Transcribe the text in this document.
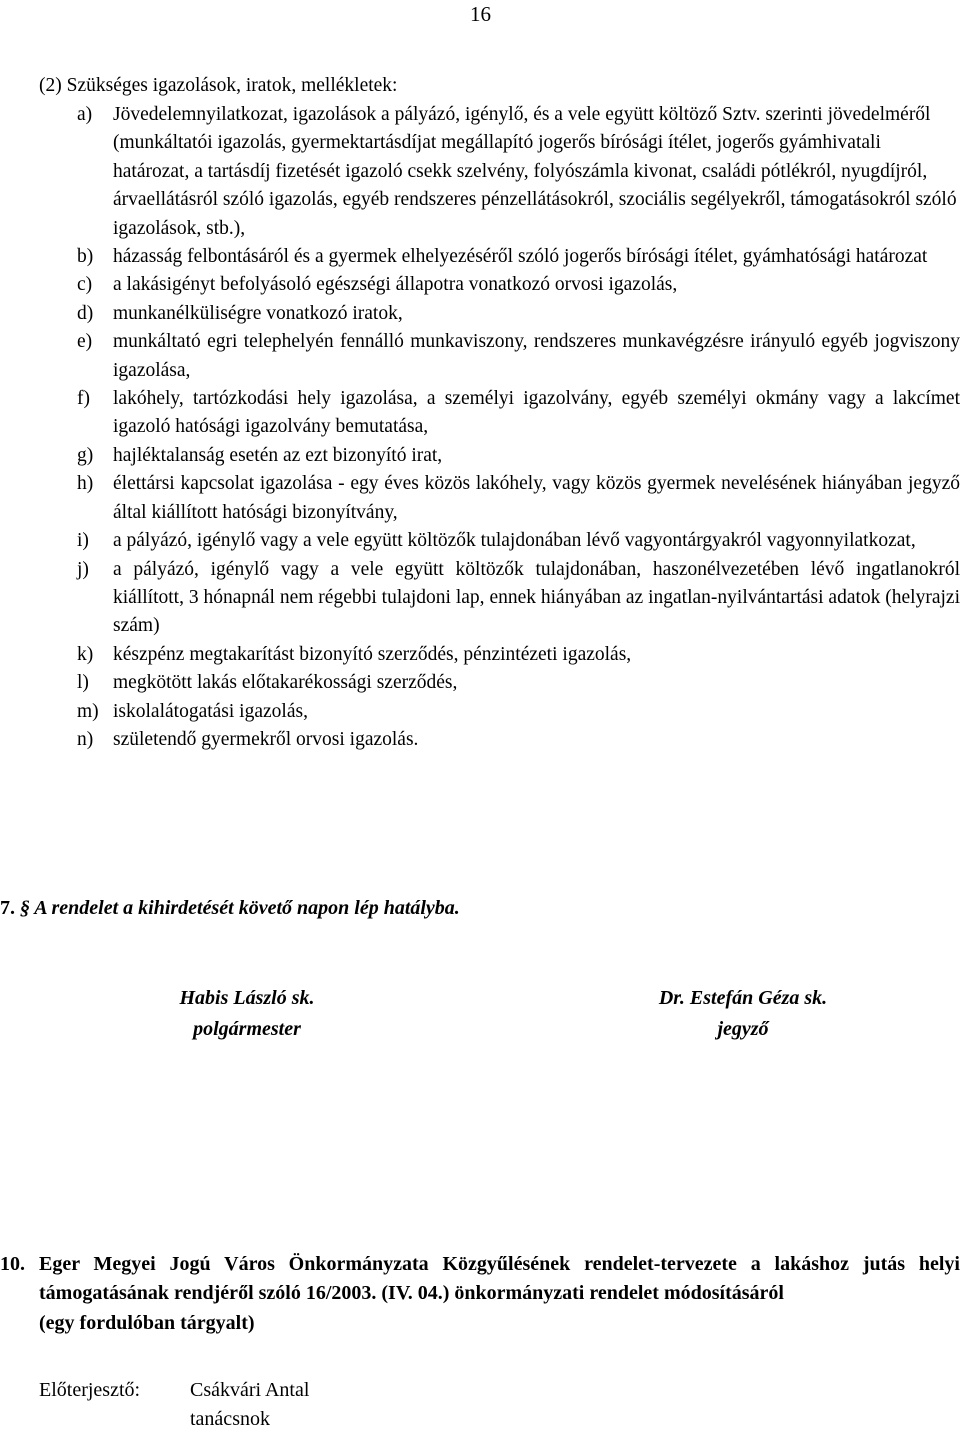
16
(2) Szükséges igazolások, iratok, mellékletek:
a)	Jövedelemnyilatkozat, igazolások a pályázó, igénylő, és a vele együtt költöző Sztv. szerinti jövedelméről (munkáltatói igazolás, gyermektartásdíjat megállapító jogerős bírósági ítélet, jogerős gyámhivatali határozat, a tartásdíj fizetését igazoló csekk szelvény, folyószámla kivonat, családi pótlékról, nyugdíjról, árvaellátásról szóló igazolás, egyéb rendszeres pénzellátásokról, szociális segélyekről, támogatásokról szóló igazolások, stb.),
b)	házasság felbontásáról és a gyermek elhelyezéséről szóló jogerős bírósági ítélet, gyámhatósági határozat
c)	a lakásigényt befolyásoló egészségi állapotra vonatkozó orvosi igazolás,
d)	munkanélküliségre vonatkozó iratok,
e)	munkáltató egri telephelyén fennálló munkaviszony, rendszeres munkavégzésre irányuló egyéb jogviszony igazolása,
f)	lakóhely, tartózkodási hely igazolása, a személyi igazolvány, egyéb személyi okmány vagy a lakcímet igazoló hatósági igazolvány bemutatása,
g)	hajléktalanság esetén az ezt bizonyító irat,
h)	élettársi kapcsolat igazolása - egy éves közös lakóhely, vagy közös gyermek nevelésének hiányában jegyző által kiállított hatósági bizonyítvány,
i)	a pályázó, igénylő vagy a vele együtt költözők tulajdonában lévő vagyontárgyakról vagyonnyilatkozat,
j)	a pályázó, igénylő vagy a vele együtt költözők tulajdonában, haszonélvezetében lévő ingatlanokról kiállított, 3 hónapnál nem régebbi tulajdoni lap, ennek hiányában az ingatlan-nyilvántartási adatok (helyrajzi szám)
k)	készpénz megtakarítást bizonyító szerződés, pénzintézeti igazolás,
l)	megkötött lakás előtakarékossági szerződés,
m) iskolalátogatási igazolás,
n)	születendő gyermekről orvosi igazolás.
7. § A rendelet a kihirdetését követő napon lép hatályba.
Habis László sk.
polgármester
Dr. Estefán Géza sk.
jegyző
10. Eger Megyei Jogú Város Önkormányzata Közgyűlésének rendelet-tervezete a lakáshoz jutás helyi támogatásának rendjéről szóló 16/2003. (IV. 04.) önkormányzati rendelet módosításáról
(egy fordulóban tárgyalt)
Előterjesztő: Csákvári Antal
tanácsnok
